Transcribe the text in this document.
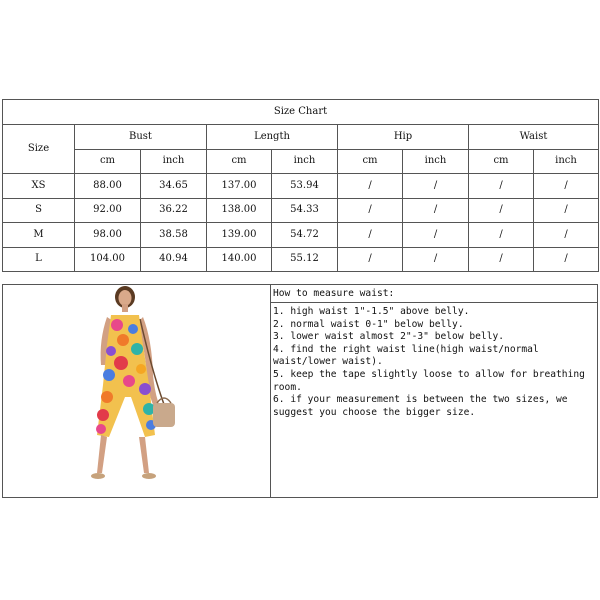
Size Chart								
Size	Bust		Length		Hip		Waist	
	cm	inch	cm	inch	cm	inch	cm	inch
XS	88.00	34.65	137.00	53.94	/	/	/	/
S	92.00	36.22	138.00	54.33	/	/	/	/
M	98.00	38.58	139.00	54.72	/	/	/	/
L	104.00	40.94	140.00	55.12	/	/	/	/
How to measure waist:
1. high waist 1"-1.5" above belly.
2. normal waist 0-1" below belly.
3. lower waist almost 2"-3" below belly.
4. find the right waist line(high waist/normal waist/lower waist).
5. keep the tape slightly loose to allow for breathing room.
6. if your measurement is between the two sizes, we suggest you choose the bigger size.
